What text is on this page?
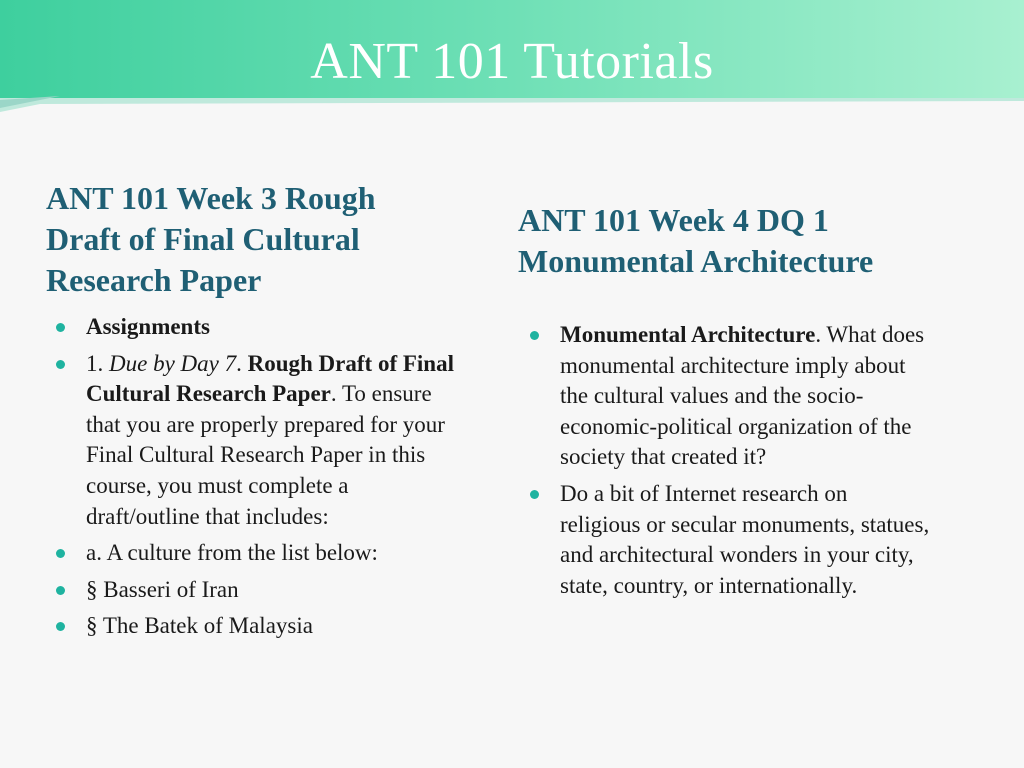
ANT 101 Tutorials
ANT 101 Week 3 Rough Draft of Final Cultural Research Paper
Assignments
1. Due by Day 7. Rough Draft of Final Cultural Research Paper. To ensure that you are properly prepared for your Final Cultural Research Paper in this course, you must complete a draft/outline that includes:
a. A culture from the list below:
§ Basseri of Iran
§ The Batek of Malaysia
ANT 101 Week 4 DQ 1 Monumental Architecture
Monumental Architecture. What does monumental architecture imply about the cultural values and the socio-economic-political organization of the society that created it?
Do a bit of Internet research on religious or secular monuments, statues, and architectural wonders in your city, state, country, or internationally.
